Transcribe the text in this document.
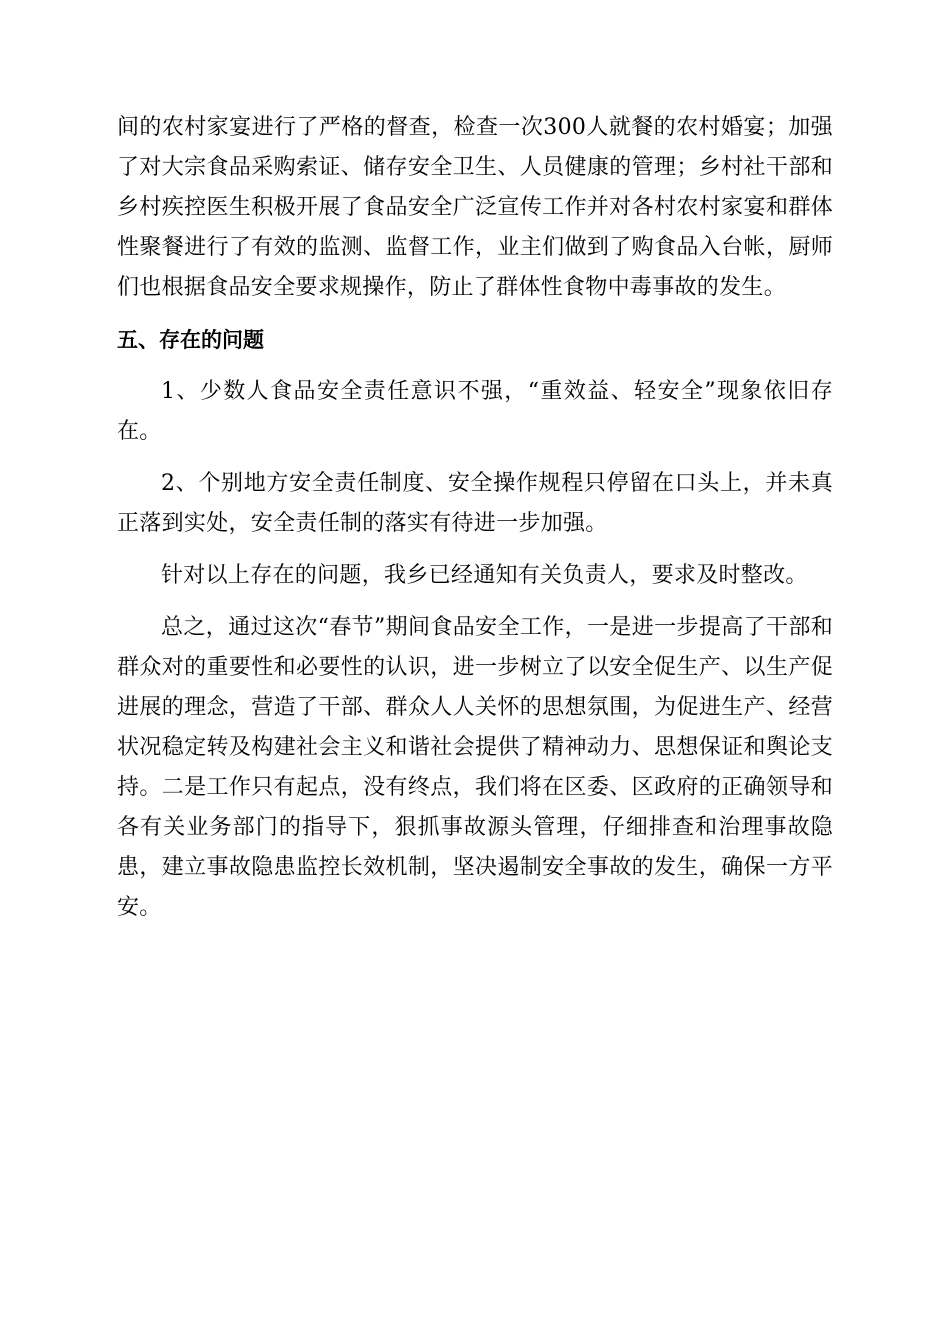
间的农村家宴进行了严格的督查，检查一次300人就餐的农村婚宴；加强了对大宗食品采购索证、储存安全卫生、人员健康的管理；乡村社干部和乡村疾控医生积极开展了食品安全广泛宣传工作并对各村农村家宴和群体性聚餐进行了有效的监测、监督工作，业主们做到了购食品入台帐，厨师们也根据食品安全要求规操作，防止了群体性食物中毒事故的发生。

五、存在的问题

1、少数人食品安全责任意识不强，“重效益、轻安全”现象依旧存在。

2、个别地方安全责任制度、安全操作规程只停留在口头上，并未真正落到实处，安全责任制的落实有待进一步加强。

针对以上存在的问题，我乡已经通知有关负责人，要求及时整改。

总之，通过这次“春节”期间食品安全工作，一是进一步提高了干部和群众对的重要性和必要性的认识，进一步树立了以安全促生产、以生产促进展的理念，营造了干部、群众人人关怀的思想氛围，为促进生产、经营状况稳定转及构建社会主义和谐社会提供了精神动力、思想保证和舆论支持。二是工作只有起点，没有终点，我们将在区委、区政府的正确领导和各有关业务部门的指导下，狠抓事故源头管理，仔细排查和治理事故隐患，建立事故隐患监控长效机制，坚决遏制安全事故的发生，确保一方平安。
